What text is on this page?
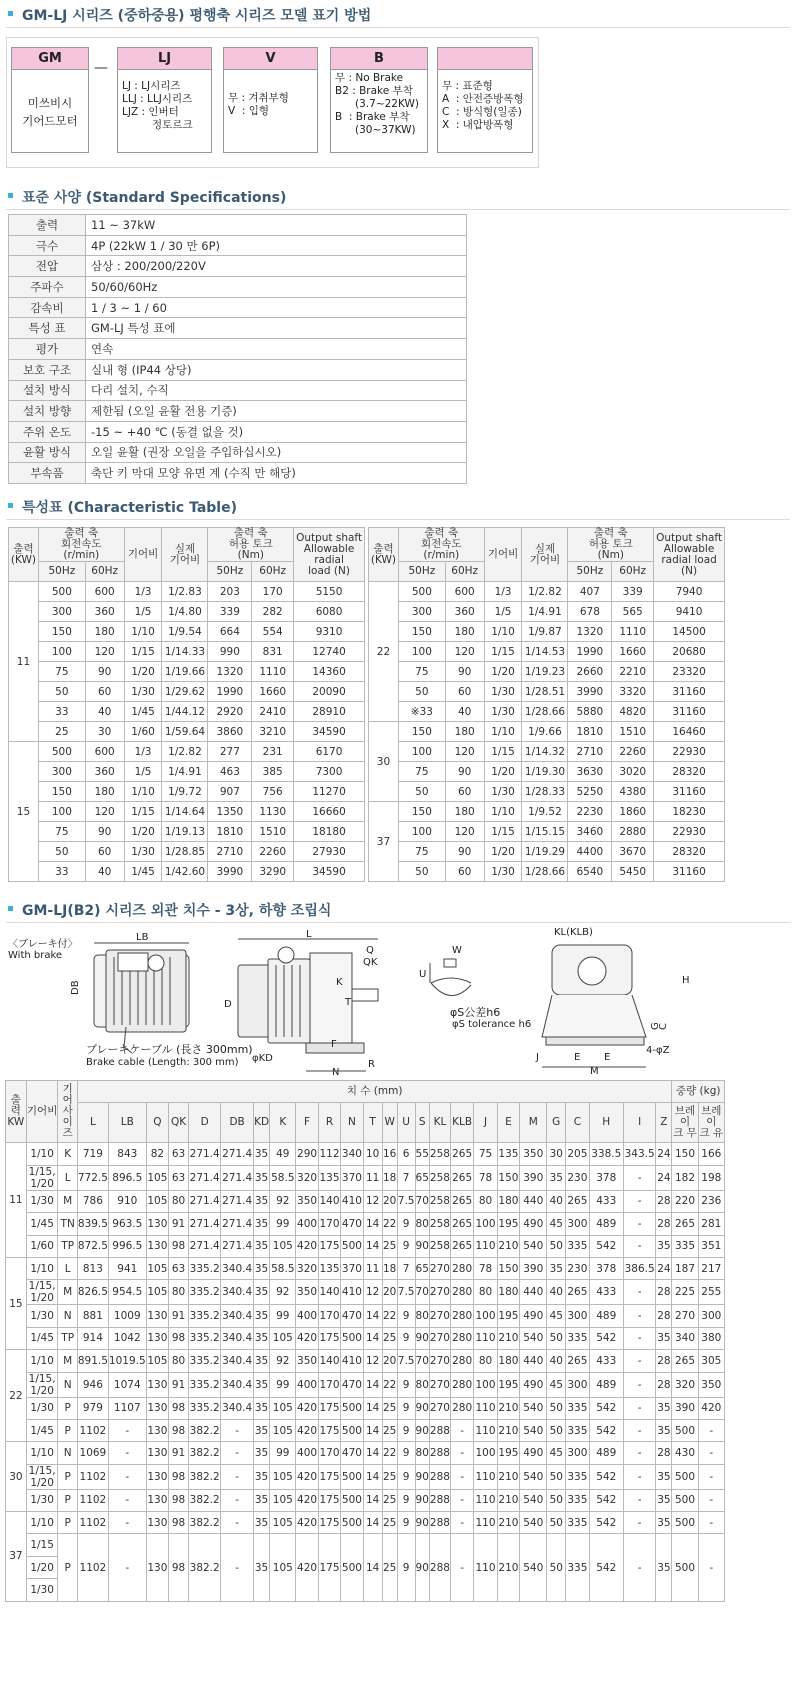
GM-LJ 시리즈 (중하중용) 평행축 시리즈 모델 표기 방법
GM
미쓰비시
기어드모터
LJ
LJ : LJ시리즈
LLJ : LLJ시리즈
LJZ : 인버터
정토르크
V
무 : 겨취부형
V  : 입형
B
무 : No Brake
B2 : Brake 부착
(3.7~22KW)
B  : Brake 부착
(30~37KW)
무 : 표준형
A  : 안전증방폭형
C  : 방식형(일종)
X  : 내압방폭형
—
표준 사양 (Standard Specifications)
출력	11 ~ 37kW
극수	4P (22kW 1 / 30 만 6P)
전압	삼상 : 200/200/220V
주파수	50/60/60Hz
감속비	1 / 3 ~ 1 / 60
특성 표	GM-LJ 특성 표에
평가	연속
보호 구조	실내 형 (IP44 상당)
설치 방식	다리 설치, 수직
설치 방향	제한됨 (오일 윤활 전용 기증)
주위 온도	-15 ~ +40 ℃ (동결 없을 것)
윤활 방식	오일 윤활 (권장 오일을 주입하십시오)
부속품	축단 키 막대 모양 유면 계 (수직 만 해당)
특성표 (Characteristic Table)
출력
(KW)	출력 축
회전속도
(r/min)		기어비	실제
기어비	출력 축
허용 토크
(Nm)		Output shaft
Allowable radial
load (N)
	50Hz	60Hz			50Hz	60Hz	
11	500	600	1/3	1/2.83	203	170	5150
	300	360	1/5	1/4.80	339	282	6080
	150	180	1/10	1/9.54	664	554	9310
	100	120	1/15	1/14.33	990	831	12740
	75	90	1/20	1/19.66	1320	1110	14360
	50	60	1/30	1/29.62	1990	1660	20090
	33	40	1/45	1/44.12	2920	2410	28910
	25	30	1/60	1/59.64	3860	3210	34590
15	500	600	1/3	1/2.82	277	231	6170
	300	360	1/5	1/4.91	463	385	7300
	150	180	1/10	1/9.72	907	756	11270
	100	120	1/15	1/14.64	1350	1130	16660
	75	90	1/20	1/19.13	1810	1510	18180
	50	60	1/30	1/28.85	2710	2260	27930
	33	40	1/45	1/42.60	3990	3290	34590
출력
(KW)	출력 축
회전속도
(r/min)		기어비	실제
기어비	출력 축
허용 토크
(Nm)		Output shaft
Allowable
radial load
(N)
	50Hz	60Hz			50Hz	60Hz	
22	500	600	1/3	1/2.82	407	339	7940
	300	360	1/5	1/4.91	678	565	9410
	150	180	1/10	1/9.87	1320	1110	14500
	100	120	1/15	1/14.53	1990	1660	20680
	75	90	1/20	1/19.23	2660	2210	23320
	50	60	1/30	1/28.51	3990	3320	31160
	※33	40	1/30	1/28.66	5880	4820	31160
30	150	180	1/10	1/9.66	1810	1510	16460
	100	120	1/15	1/14.32	2710	2260	22930
	75	90	1/20	1/19.30	3630	3020	28320
	50	60	1/30	1/28.33	5250	4380	31160
37	150	180	1/10	1/9.52	2230	1860	18230
	100	120	1/15	1/15.15	3460	2880	22930
	75	90	1/20	1/19.29	4400	3670	28320
	50	60	1/30	1/28.66	6540	5450	31160
GM-LJ(B2) 시리즈 외관 치수 - 3상, 하향 조립식
〈ブレーキ付〉
With brake
LB
DB
ブレーキケーブル (長さ 300mm)
Brake cable (Length: 300 mm)
L
Q
QK
D
K
T
φKD
F
N
R
W
U
φS公差h6
φS tolerance h6
KL(KLB)
H
C
G
J	E E
M
4-φZ
출력
KW	기어비	기어
사이즈	치 수 (mm)																									중량 (kg)	
			L	LB	Q	QK	D	DB	KD	K	F	R	N	T	W	U	S	KL	KLB	J	E	M	G	C	H	I	Z	브레이
크 무	브레이
크 유
11	1/10	K	719	843	82	63	271.4	271.4	35	49	290	112	340	10	16	6	55	258	265	75	135	350	30	205	338.5	343.5	24	150	166
	1/15,
1/20	L	772.5	896.5	105	63	271.4	271.4	35	58.5	320	135	370	11	18	7	65	258	265	78	150	390	35	230	378	-	24	182	198
	1/30	M	786	910	105	80	271.4	271.4	35	92	350	140	410	12	20	7.5	70	258	265	80	180	440	40	265	433	-	28	220	236
	1/45	TN	839.5	963.5	130	91	271.4	271.4	35	99	400	170	470	14	22	9	80	258	265	100	195	490	45	300	489	-	28	265	281
	1/60	TP	872.5	996.5	130	98	271.4	271.4	35	105	420	175	500	14	25	9	90	258	265	110	210	540	50	335	542	-	35	335	351
15	1/10	L	813	941	105	63	335.2	340.4	35	58.5	320	135	370	11	18	7	65	270	280	78	150	390	35	230	378	386.5	24	187	217
	1/15,
1/20	M	826.5	954.5	105	80	335.2	340.4	35	92	350	140	410	12	20	7.5	70	270	280	80	180	440	40	265	433	-	28	225	255
	1/30	N	881	1009	130	91	335.2	340.4	35	99	400	170	470	14	22	9	80	270	280	100	195	490	45	300	489	-	28	270	300
	1/45	TP	914	1042	130	98	335.2	340.4	35	105	420	175	500	14	25	9	90	270	280	110	210	540	50	335	542	-	35	340	380
22	1/10	M	891.5	1019.5	105	80	335.2	340.4	35	92	350	140	410	12	20	7.5	70	270	280	80	180	440	40	265	433	-	28	265	305
	1/15,
1/20	N	946	1074	130	91	335.2	340.4	35	99	400	170	470	14	22	9	80	270	280	100	195	490	45	300	489	-	28	320	350
	1/30	P	979	1107	130	98	335.2	340.4	35	105	420	175	500	14	25	9	90	270	280	110	210	540	50	335	542	-	35	390	420
	1/45	P	1102	-	130	98	382.2	-	35	105	420	175	500	14	25	9	90	288	-	110	210	540	50	335	542	-	35	500	-
30	1/10	N	1069	-	130	91	382.2	-	35	99	400	170	470	14	22	9	80	288	-	100	195	490	45	300	489	-	28	430	-
	1/15,
1/20	P	1102	-	130	98	382.2	-	35	105	420	175	500	14	25	9	90	288	-	110	210	540	50	335	542	-	35	500	-
	1/30	P	1102	-	130	98	382.2	-	35	105	420	175	500	14	25	9	90	288	-	110	210	540	50	335	542	-	35	500	-
37	1/10	P	1102	-	130	98	382.2	-	35	105	420	175	500	14	25	9	90	288	-	110	210	540	50	335	542	-	35	500	-
	1/15	P	1102	-	130	98	382.2	-	35	105	420	175	500	14	25	9	90	288	-	110	210	540	50	335	542	-	35	500	-
	1/20																												
	1/30																												
